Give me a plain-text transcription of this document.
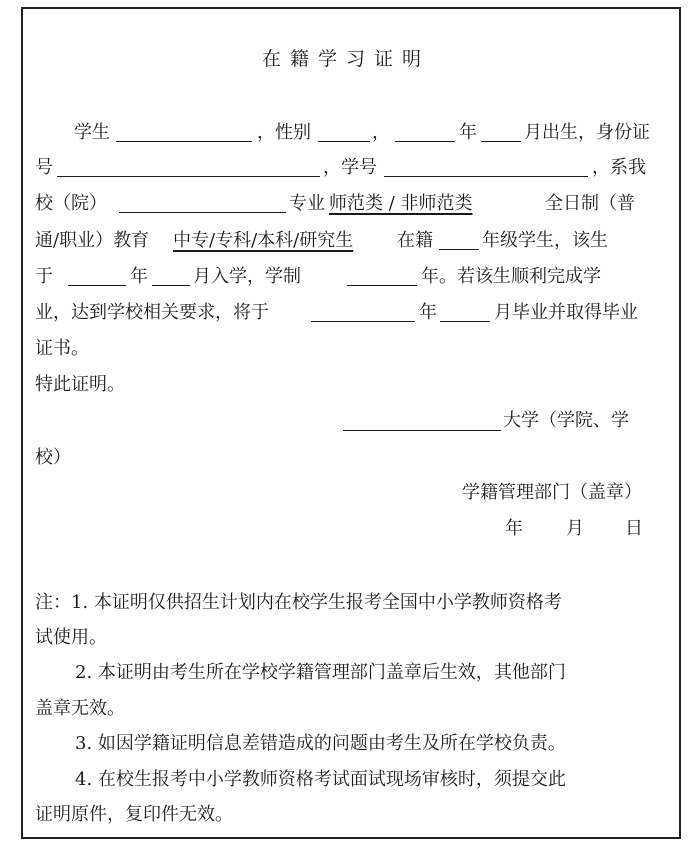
在籍学习证明
学生	，性别	，	年	月出生，身份证
号	，学号	，系我
校（院）	专业 师范类 / 非师范类	全日制（普
通/职业）教育 中专/专科/本科/研究生 在籍	年级学生，该生
于	年	月入学，学制	年。若该生顺利完成学
业，达到学校相关要求，将于	年	月毕业并取得毕业
证书。
特此证明。
大学（学院、学
校）
学籍管理部门（盖章）
年 月 日
注：1. 本证明仅供招生计划内在校学生报考全国中小学教师资格考
试使用。
2. 本证明由考生所在学校学籍管理部门盖章后生效，其他部门
盖章无效。
3. 如因学籍证明信息差错造成的问题由考生及所在学校负责。
4. 在校生报考中小学教师资格考试面试现场审核时，须提交此
证明原件，复印件无效。
